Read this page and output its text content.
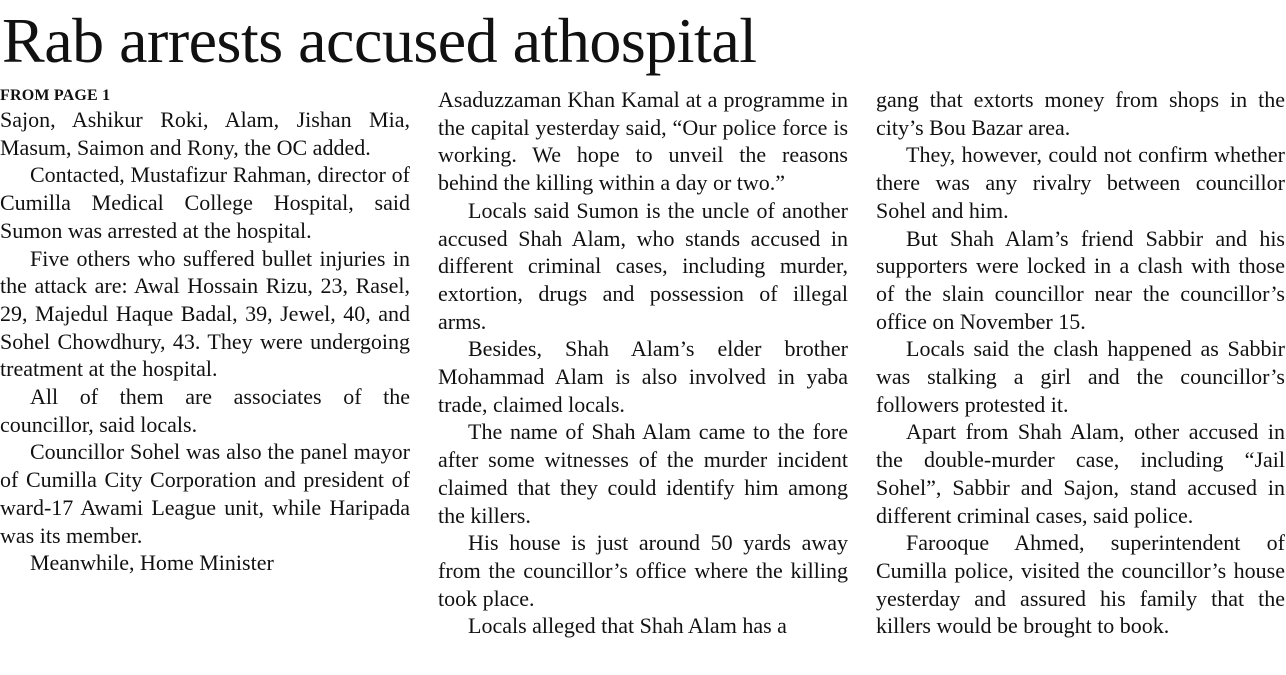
Rab arrests accused athospital
FROM PAGE 1

Sajon, Ashikur Roki, Alam, Jishan Mia, Masum, Saimon and Rony, the OC added.

Contacted, Mustafizur Rahman, director of Cumilla Medical College Hospital, said Sumon was arrested at the hospital.

Five others who suffered bullet injuries in the attack are: Awal Hossain Rizu, 23, Rasel, 29, Majedul Haque Badal, 39, Jewel, 40, and Sohel Chowdhury, 43. They were undergoing treatment at the hospital.

All of them are associates of the councillor, said locals.

Councillor Sohel was also the panel mayor of Cumilla City Corporation and president of ward-17 Awami League unit, while Haripada was its member.

Meanwhile, Home Minister

Asaduzzaman Khan Kamal at a programme in the capital yesterday said, “Our police force is working. We hope to unveil the reasons behind the killing within a day or two.”

Locals said Sumon is the uncle of another accused Shah Alam, who stands accused in different criminal cases, including murder, extortion, drugs and possession of illegal arms.

Besides, Shah Alam’s elder brother Mohammad Alam is also involved in yaba trade, claimed locals.

The name of Shah Alam came to the fore after some witnesses of the murder incident claimed that they could identify him among the killers.

His house is just around 50 yards away from the councillor’s office where the killing took place.

Locals alleged that Shah Alam has a

gang that extorts money from shops in the city’s Bou Bazar area.

They, however, could not confirm whether there was any rivalry between councillor Sohel and him.

But Shah Alam’s friend Sabbir and his supporters were locked in a clash with those of the slain councillor near the councillor’s office on November 15.

Locals said the clash happened as Sabbir was stalking a girl and the councillor’s followers protested it.

Apart from Shah Alam, other accused in the double-murder case, including “Jail Sohel”, Sabbir and Sajon, stand accused in different criminal cases, said police.

Farooque Ahmed, superintendent of Cumilla police, visited the councillor’s house yesterday and assured his family that the killers would be brought to book.
